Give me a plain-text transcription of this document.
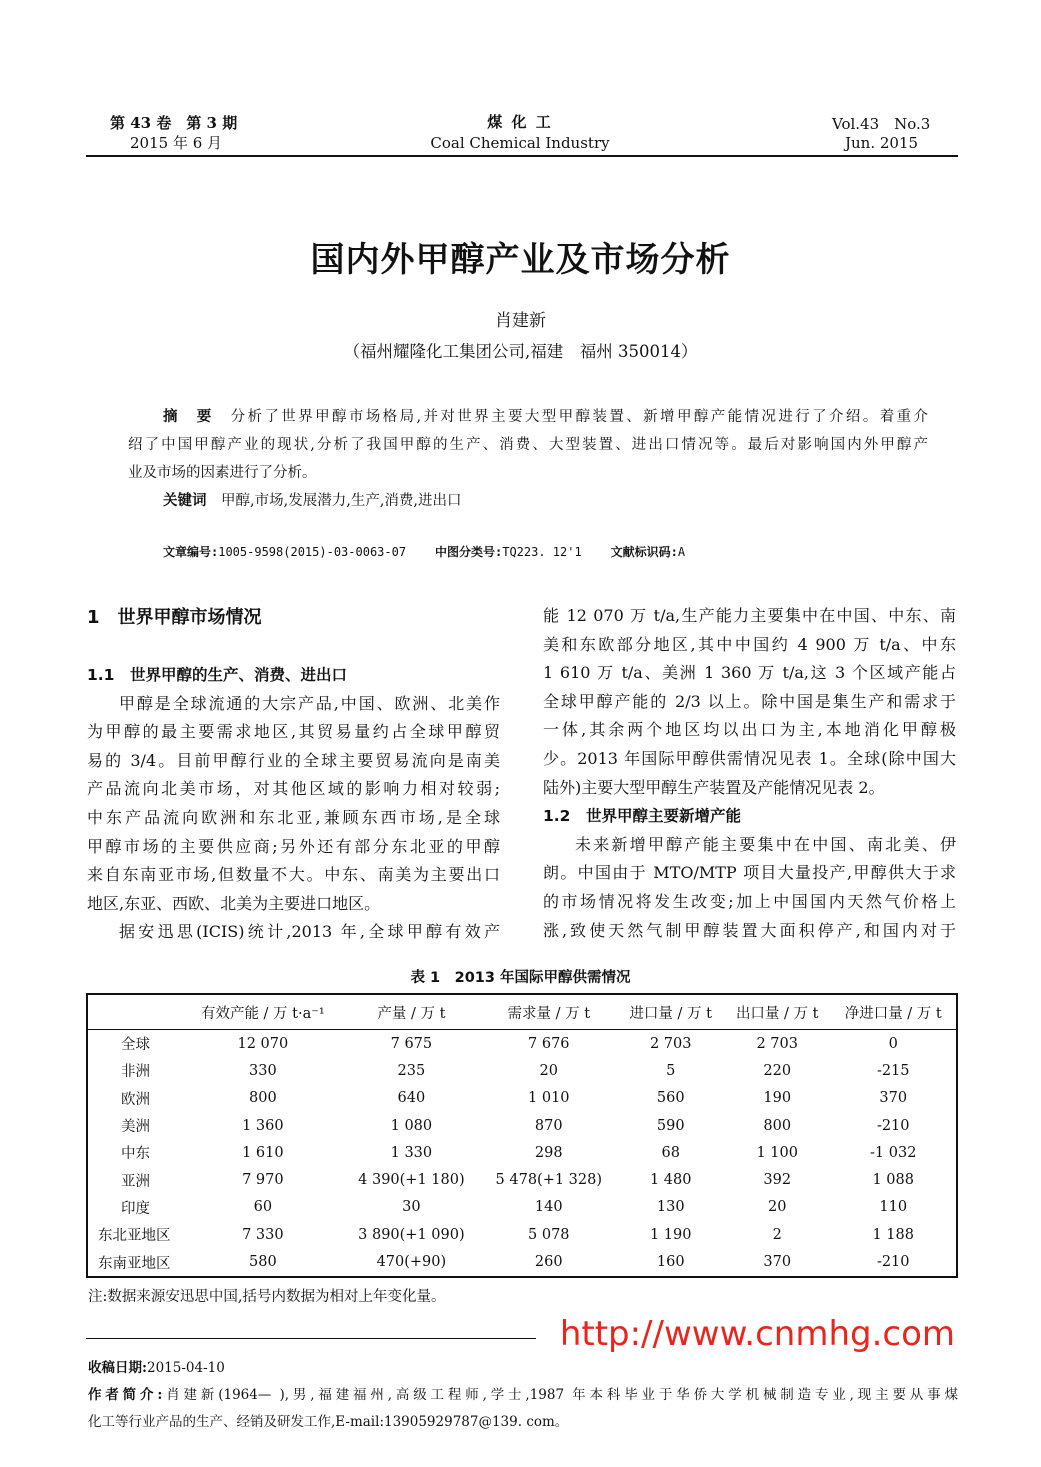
第 43 卷　第 3 期
2015 年 6 月
煤 化 工
Coal Chemical Industry
Vol.43　No.3
Jun. 2015
国内外甲醇产业及市场分析
肖建新
（福州耀隆化工集团公司,福建　福州 350014）
摘　要　 分析了世界甲醇市场格局,并对世界主要大型甲醇装置、新增甲醇产能情况进行了介绍。着重介
绍了中国甲醇产业的现状,分析了我国甲醇的生产、消费、大型装置、进出口情况等。最后对影响国内外甲醇产
业及市场的因素进行了分析。
关键词　 甲醇,市场,发展潜力,生产,消费,进出口
文章编号:1005-9598(2015)-03-0063-07 中图分类号:TQ223. 12'1 文献标识码:A
1　世界甲醇市场情况
1.1　世界甲醇的生产、消费、进出口
甲醇是全球流通的大宗产品,中国、欧洲、北美作
为甲醇的最主要需求地区,其贸易量约占全球甲醇贸
易的 3/4。目前甲醇行业的全球主要贸易流向是南美
产品流向北美市场，对其他区域的影响力相对较弱;
中东产品流向欧洲和东北亚,兼顾东西市场,是全球
甲醇市场的主要供应商;另外还有部分东北亚的甲醇
来自东南亚市场,但数量不大。中东、南美为主要出口
地区,东亚、西欧、北美为主要进口地区。
据安迅思(ICIS)统计,2013 年,全球甲醇有效产
能 12 070 万 t/a,生产能力主要集中在中国、中东、南
美和东欧部分地区,其中中国约 4 900 万 t/a、中东
1 610 万 t/a、美洲 1 360 万 t/a,这 3 个区域产能占
全球甲醇产能的 2/3 以上。除中国是集生产和需求于
一体,其余两个地区均以出口为主,本地消化甲醇极
少。2013 年国际甲醇供需情况见表 1。全球(除中国大
陆外)主要大型甲醇生产装置及产能情况见表 2。
1.2　世界甲醇主要新增产能
未来新增甲醇产能主要集中在中国、南北美、伊
朗。中国由于 MTO/MTP 项目大量投产,甲醇供大于求
的市场情况将发生改变;加上中国国内天然气价格上
涨,致使天然气制甲醇装置大面积停产,和国内对于
表 1　2013 年国际甲醇供需情况
	有效产能 / 万 t·a⁻¹	产量 / 万 t	需求量 / 万 t	进口量 / 万 t	出口量 / 万 t	净进口量 / 万 t
全球	12 070	7 675	7 676	2 703	2 703	0
非洲	330	235	20	5	220	-215
欧洲	800	640	1 010	560	190	370
美洲	1 360	1 080	870	590	800	-210
中东	1 610	1 330	298	68	1 100	-1 032
亚洲	7 970	4 390(+1 180)	5 478(+1 328)	1 480	392	1 088
印度	60	30	140	130	20	110
东北亚地区	7 330	3 890(+1 090)	5 078	1 190	2	1 188
东南亚地区	580	470(+90)	260	160	370	-210
注:数据来源安迅思中国,括号内数据为相对上年变化量。
收稿日期:2015-04-10
作者简介:肖建新(1964— ),男,福建福州,高级工程师,学士,1987 年本科毕业于华侨大学机械制造专业,现主要从事煤
化工等行业产品的生产、经销及研发工作,E-mail:13905929787@139. com。
http://www.cnmhg.com
